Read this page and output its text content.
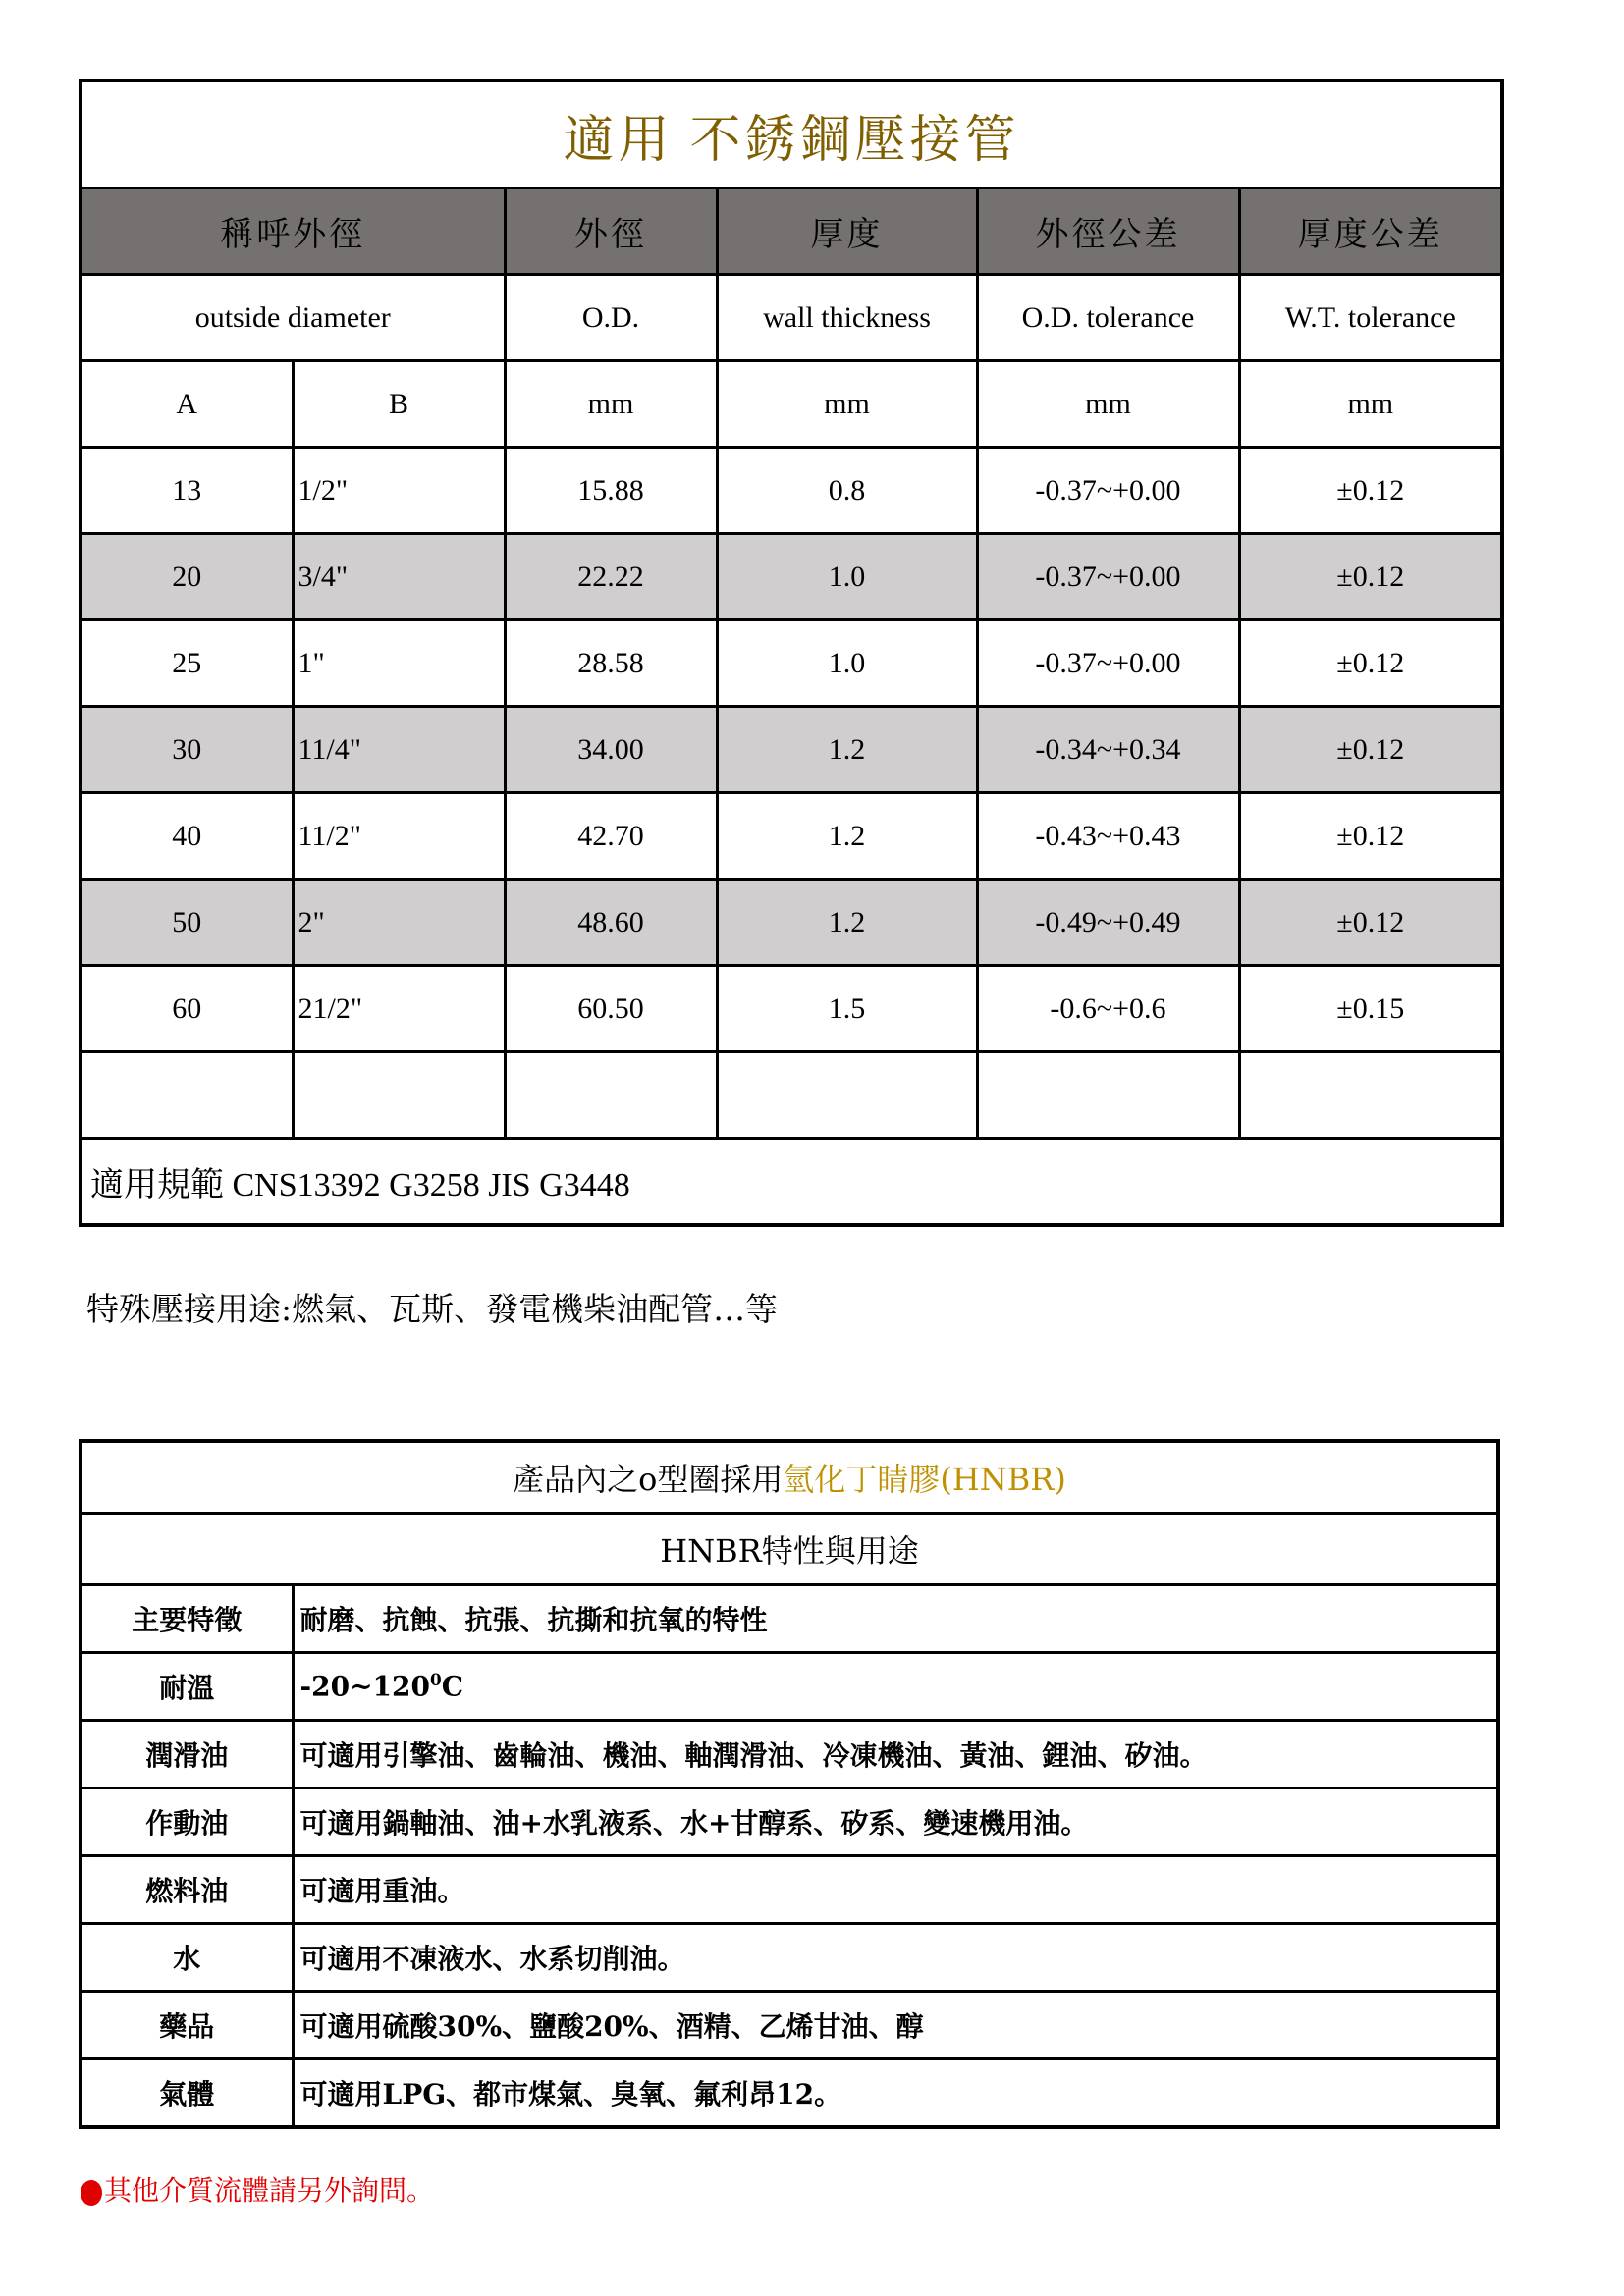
適用 不銹鋼壓接管					
稱呼外徑		外徑	厚度	外徑公差	厚度公差
outside diameter		O.D.	wall thickness	O.D. tolerance	W.T. tolerance
A	B	mm	mm	mm	mm
13	1/2"	15.88	0.8	-0.37~+0.00	±0.12
20	3/4"	22.22	1.0	-0.37~+0.00	±0.12
25	1"	28.58	1.0	-0.37~+0.00	±0.12
30	11/4"	34.00	1.2	-0.34~+0.34	±0.12
40	11/2"	42.70	1.2	-0.43~+0.43	±0.12
50	2"	48.60	1.2	-0.49~+0.49	±0.12
60	21/2"	60.50	1.5	-0.6~+0.6	±0.15

適用規範 CNS13392 G3258 JIS G3448					
特殊壓接用途:燃氣、瓦斯、發電機柴油配管…等
產品內之o型圈採用氫化丁睛膠(HNBR)	
HNBR特性與用途	
主要特徵	耐磨、抗蝕、抗張、抗撕和抗氧的特性
耐溫	$-20\sim 120^0C$
潤滑油	可適用引擎油、齒輪油、機油、軸潤滑油、冷凍機油、黃油、鋰油、矽油。
作動油	可適用鍋軸油、油+水乳液系、水+甘醇系、矽系、變速機用油。
燃料油	可適用重油。
水	可適用不凍液水、水系切削油。
藥品	可適用硫酸30%、鹽酸20%、酒精、乙烯甘油、醇
氣體	可適用LPG、都市煤氣、臭氧、氟利昂12。
其他介質流體請另外詢問。
